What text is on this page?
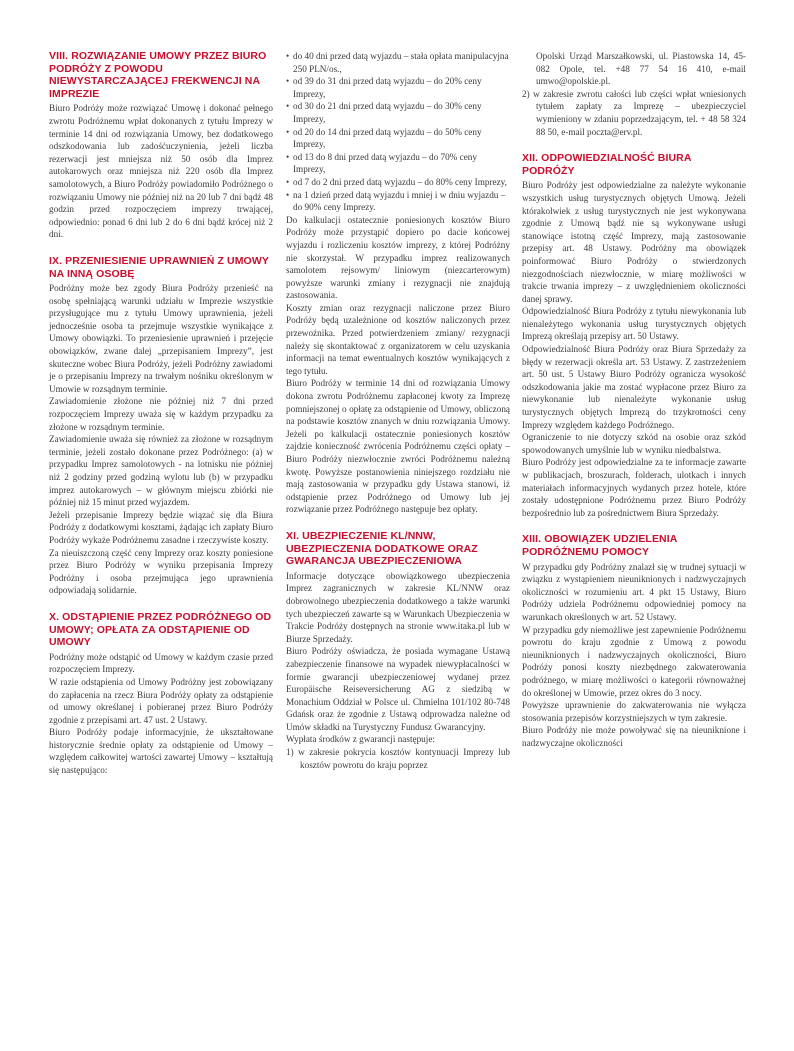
VIII. ROZWIĄZANIE UMOWY PRZEZ BIURO PODRÓŻY Z POWODU NIEWYSTARCZAJĄCEJ FREKWENCJI NA IMPREZIE

Biuro Podróży może rozwiązać Umowę i dokonać pełnego zwrotu Podróżnemu wpłat dokonanych z tytułu Imprezy w terminie 14 dni od rozwiązania Umowy, bez dodatkowego odszkodowania lub zadośćuczynienia, jeżeli liczba rezerwacji jest mniejsza niż 50 osób dla Imprez autokarowych oraz mniejsza niż 220 osób dla Imprez samolotowych, a Biuro Podróży powiadomiło Podróżnego o rozwiązaniu Umowy nie później niż na 20 lub 7 dni bądź 48 godzin przed rozpoczęciem imprezy trwającej, odpowiednio: ponad 6 dni lub 2 do 6 dni bądź krócej niż 2 dni.

IX. PRZENIESIENIE UPRAWNIEŃ Z UMOWY NA INNĄ OSOBĘ

Podróżny może bez zgody Biura Podróży przenieść na osobę spełniającą warunki udziału w Imprezie wszystkie przysługujące mu z tytułu Umowy uprawnienia, jeżeli jednocześnie osoba ta przejmuje wszystkie wynikające z Umowy obowiązki. To przeniesienie uprawnień i przejęcie obowiązków, zwane dalej „przepisaniem Imprezy”, jest skuteczne wobec Biura Podróży, jeżeli Podróżny zawiadomi je o przepisaniu Imprezy na trwałym nośniku określonym w Umowie w rozsądnym terminie.

Zawiadomienie złożone nie później niż 7 dni przed rozpoczęciem Imprezy uważa się w każdym przypadku za złożone w rozsądnym terminie.

Zawiadomienie uważa się również za złożone w rozsądnym terminie, jeżeli zostało dokonane przez Podróżnego: (a) w przypadku Imprez samolotowych - na lotnisku nie później niż 2 godziny przed godziną wylotu lub (b) w przypadku imprez autokarowych – w głównym miejscu zbiórki nie później niż 15 minut przed wyjazdem.

Jeżeli przepisanie Imprezy będzie wiązać się dla Biura Podróży z dodatkowymi kosztami, żądając ich zapłaty Biuro Podróży wykaże Podróżnemu zasadne i rzeczywiste koszty.

Za nieuiszczoną część ceny Imprezy oraz koszty poniesione przez Biuro Podróży w wyniku przepisania Imprezy Podróżny i osoba przejmująca jego uprawnienia odpowiadają solidarnie.

X. ODSTĄPIENIE PRZEZ PODRÓŻNEGO OD UMOWY; OPŁATA ZA ODSTĄPIENIE OD UMOWY

Podróżny może odstąpić od Umowy w każdym czasie przed rozpoczęciem Imprezy.

W razie odstąpienia od Umowy Podróżny jest zobowiązany do zapłacenia na rzecz Biura Podróży opłaty za odstąpienie od umowy określanej i pobieranej przez Biuro Podróży zgodnie z przepisami art. 47 ust. 2 Ustawy.

Biuro Podróży podaje informacyjnie, że ukształtowane historycznie średnie opłaty za odstąpienie od Umowy – względem całkowitej wartości zawartej Umowy – kształtują się następująco:

• do 40 dni przed datą wyjazdu – stała opłata manipulacyjna 250 PLN/os.,
• od 39 do 31 dni przed datą wyjazdu – do 20% ceny Imprezy,
• od 30 do 21 dni przed datą wyjazdu – do 30% ceny Imprezy,
• od 20 do 14 dni przed datą wyjazdu – do 50% ceny Imprezy,
• od 13 do 8 dni przed datą wyjazdu – do 70% ceny Imprezy,
• od 7 do 2 dni przed datą wyjazdu – do 80% ceny Imprezy,
• na 1 dzień przed datą wyjazdu i mniej i w dniu wyjazdu – do 90% ceny Imprezy.

Do kalkulacji ostatecznie poniesionych kosztów Biuro Podróży może przystąpić dopiero po dacie końcowej wyjazdu i rozliczeniu kosztów imprezy, z której Podróżny nie skorzystał. W przypadku imprez realizowanych samolotem rejsowym/ liniowym (niezcarterowym) powyższe warunki zmiany i rezygnacji nie znajdują zastosowania.

Koszty zmian oraz rezygnacji naliczone przez Biuro Podróży będą uzależnione od kosztów naliczonych przez przewoźnika. Przed potwierdzeniem zmiany/ rezygnacji należy się skontaktować z organizatorem w celu uzyskania informacji na temat ewentualnych kosztów wynikających z tego tytułu.

Biuro Podróży w terminie 14 dni od rozwiązania Umowy dokona zwrotu Podróżnemu zapłaconej kwoty za Imprezę pomniejszonej o opłatę za odstąpienie od Umowy, obliczoną na podstawie kosztów znanych w dniu rozwiązania Umowy. Jeżeli po kalkulacji ostatecznie poniesionych kosztów zajdzie konieczność zwrócenia Podróżnemu części opłaty – Biuro Podróży niezwłocznie zwróci Podróżnemu należną kwotę. Powyższe postanowienia niniejszego rozdziału nie mają zastosowania w przypadku gdy Ustawa stanowi, iż odstąpienie przez Podróżnego od Umowy lub jej rozwiązanie przez Podróżnego następuje bez opłaty.

XI. UBEZPIECZENIE KL/NNW, UBEZPIECZENIA DODATKOWE ORAZ GWARANCJA UBEZPIECZENIOWA

Informacje dotyczące obowiązkowego ubezpieczenia Imprez zagranicznych w zakresie KL/NNW oraz dobrowolnego ubezpieczenia dodatkowego a także warunki tych ubezpieczeń zawarte są w Warunkach Ubezpieczenia w Trakcie Podróży dostępnych na stronie www.itaka.pl lub w Biurze Sprzedaży.

Biuro Podróży oświadcza, że posiada wymagane Ustawą zabezpieczenie finansowe na wypadek niewypłacalności w formie gwarancji ubezpieczeniowej wydanej przez Europäische Reiseversicherung AG z siedzibą w Monachium Oddział w Polsce ul. Chmielna 101/102 80-748 Gdańsk oraz że zgodnie z Ustawą odprowadza należne od Umów składki na Turystyczny Fundusz Gwarancyjny.

Wypłata środków z gwarancji następuje:

1) w zakresie pokrycia kosztów kontynuacji Imprezy lub kosztów powrotu do kraju poprzez

Opolski Urząd Marszałkowski, ul. Piastowska 14, 45-082 Opole, tel. +48 77 54 16 410, e-mail umwo@opolskie.pl.

2) w zakresie zwrotu całości lub części wpłat wniesionych tytułem zapłaty za Imprezę – ubezpieczyciel wymieniony w zdaniu poprzedzającym, tel. + 48 58 324 88 50, e-mail poczta@erv.pl.
XII. ODPOWIEDZIALNOŚĆ BIURA PODRÓŻY

Biuro Podróży jest odpowiedzialne za należyte wykonanie wszystkich usług turystycznych objętych Umową. Jeżeli którakolwiek z usług turystycznych nie jest wykonywana zgodnie z Umową bądź nie są wykonywane usługi stanowiące istotną część Imprezy, mają zastosowanie przepisy art. 48 Ustawy. Podróżny ma obowiązek poinformować Biuro Podróży o stwierdzonych niezgodnościach niezwłocznie, w miarę możliwości w trakcie trwania imprezy – z uwzględnieniem okoliczności danej sprawy.

Odpowiedzialność Biura Podróży z tytułu niewykonania lub nienależytego wykonania usług turystycznych objętych Imprezą określają przepisy art. 50 Ustawy.

Odpowiedzialność Biura Podróży oraz Biura Sprzedaży za błędy w rezerwacji określa art. 53 Ustawy. Z zastrzeżeniem art. 50 ust. 5 Ustawy Biuro Podróży ogranicza wysokość odszkodowania jakie ma zostać wypłacone przez Biuro za niewykonanie lub nienależyte wykonanie usług turystycznych objętych Imprezą do trzykrotności ceny Imprezy względem każdego Podróżnego.

Ograniczenie to nie dotyczy szkód na osobie oraz szkód spowodowanych umyślnie lub w wyniku niedbalstwa.

Biuro Podróży jest odpowiedzialne za te informacje zawarte w publikacjach, broszurach, folderach, ulotkach i innych materiałach informacyjnych wydanych przez hotele, które zostały udostępnione Podróżnemu przez Biuro Podróży bezpośrednio lub za pośrednictwem Biura Sprzedaży.

XIII. OBOWIĄZEK UDZIELENIA PODRÓŻNEMU POMOCY

W przypadku gdy Podróżny znalazł się w trudnej sytuacji w związku z wystąpieniem nieuniknionych i nadzwyczajnych okoliczności w rozumieniu art. 4 pkt 15 Ustawy, Biuro Podróży udziela Podróżnemu odpowiedniej pomocy na warunkach określonych w art. 52 Ustawy.

W przypadku gdy niemożliwe jest zapewnienie Podróżnemu powrotu do kraju zgodnie z Umową z powodu nieuniknionych i nadzwyczajnych okoliczności, Biuro Podróży ponosi koszty niezbędnego zakwaterowania podróżnego, w miarę możliwości o kategorii równoważnej do określonej w Umowie, przez okres do 3 nocy.

Powyższe uprawnienie do zakwaterowania nie wyłącza stosowania przepisów korzystniejszych w tym zakresie.

Biuro Podróży nie może powoływać się na nieuniknione i nadzwyczajne okoliczności
